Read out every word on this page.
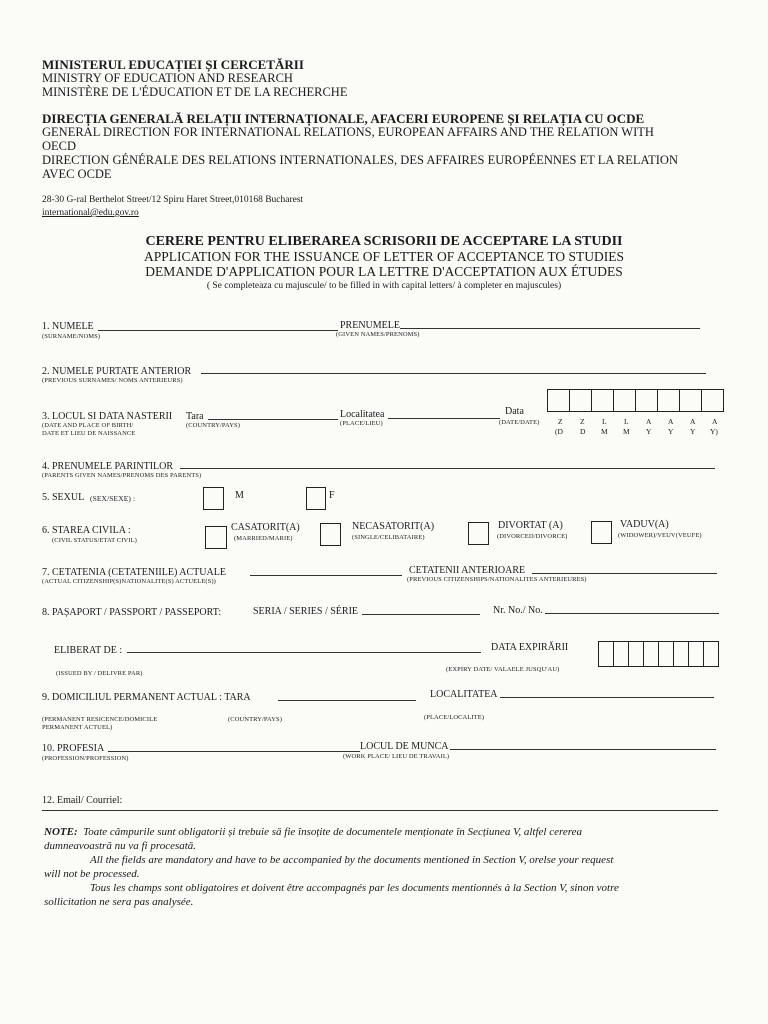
MINISTERUL EDUCAȚIEI ȘI CERCETĂRII
MINISTRY OF EDUCATION AND RESEARCH
MINISTÈRE DE L'ÉDUCATION ET DE LA RECHERCHE
DIRECȚIA GENERALĂ RELAȚII INTERNAȚIONALE, AFACERI EUROPENE ȘI RELAȚIA CU OCDE
GENERAL DIRECTION FOR INTERNATIONAL RELATIONS, EUROPEAN AFFAIRS AND THE RELATION WITH
OECD
DIRECTION GÉNÉRALE DES RELATIONS INTERNATIONALES, DES AFFAIRES EUROPÉENNES ET LA RELATION
AVEC OCDE
28-30 G-ral Berthelot Street/12 Spiru Haret Street,010168 Bucharest
international@edu.gov.ro
CERERE PENTRU ELIBERAREA SCRISORII DE ACCEPTARE LA STUDII
APPLICATION FOR THE ISSUANCE OF LETTER OF ACCEPTANCE TO STUDIES
DEMANDE D'APPLICATION POUR LA LETTRE D'ACCEPTATION AUX ÉTUDES
( Se completeaza cu majuscule/ to be filled in with capital letters/ à completer en majuscules)
1. NUMELE
(SURNAME/NOMS)
PRENUMELE
(GIVEN NAMES/PRENOMS)
2. NUMELE PURTATE ANTERIOR
(PREVIOUS SURNAMES/ NOMS ANTERIEURS)
3. LOCUL SI DATA NASTERII
(DATE AND PLACE OF BIRTH/
DATE ET LIEU DE NAISSANCE
Tara
(COUNTRY/PAYS)
Localitatea
(PLACE/LIEU)
Data
(DATE/DATE) Z Z L L A A A A
(D D M M Y Y Y Y)
4. PRENUMELE PARINTILOR
(PARENTS GIVEN NAMES/PRENOMS DES PARENTS)
5. SEXUL (SEX/SEXE) :	M	F
6. STAREA CIVILA :
(CIVIL STATUS/ETAT CIVIL)
CASATORIT(A)
(MARRIED/MARIE)
NECASATORIT(A)
(SINGLE/CELIBATAIRE)
DIVORTAT (A)
(DIVORCED/DIVORCE)
VADUV(A)
(WIDOWER)/VEUV(VEUFE)
7. CETATENIA (CETATENIILE) ACTUALE
(ACTUAL CITIZENSHIP(S)NATIONALITE(S) ACTUELE(S))
CETATENII ANTERIOARE
(PREVIOUS CITIZENSHIPS/NATIONALITES ANTERIEURES)
8. PAȘAPORT / PASSPORT / PASSEPORT:	SERIA / SERIES / SÉRIE	Nr. No./ No.
ELIBERAT DE :
(ISSUED BY / DELIVRE PAR)
DATA EXPIRĂRII
(EXPIRY DATE/ VALAELE JUSQU'AU)
9. DOMICILIUL PERMANENT ACTUAL : TARA
(PERMANENT RESICENCE/DOMICILE
PERMANENT ACTUEL)
(COUNTRY/PAYS)
LOCALITATEA
(PLACE/LOCALITE)
10. PROFESIA
(PROFESSION/PROFESSION)
LOCUL DE MUNCA
(WORK PLACE/ LIEU DE TRAVAIL)
12. Email/ Courriel:
NOTE: Toate câmpurile sunt obligatorii și trebuie să fie însoțite de documentele menționate în Secțiunea V, altfel cererea
dumneavoastră nu va fi procesată.
All the fields are mandatory and have to be accompanied by the documents mentioned in Section V, orelse your request
will not be processed.
Tous les champs sont obligatoires et doivent être accompagnés par les documents mentionnés à la Section V, sinon votre
sollicitation ne sera pas analysée.
